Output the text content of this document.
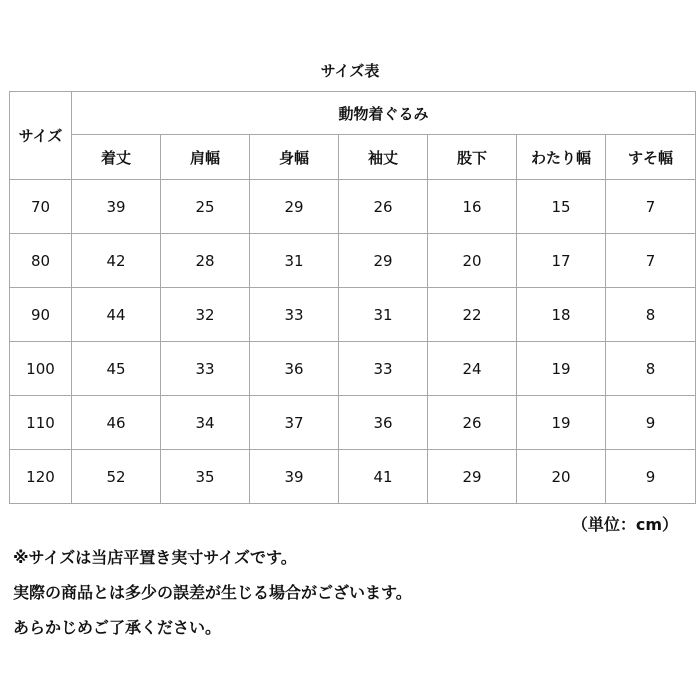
サイズ表
サイズ	動物着ぐるみ						
	着丈	肩幅	身幅	袖丈	股下	わたり幅	すそ幅
70	39	25	29	26	16	15	7
80	42	28	31	29	20	17	7
90	44	32	33	31	22	18	8
100	45	33	36	33	24	19	8
110	46	34	37	36	26	19	9
120	52	35	39	41	29	20	9
（単位：cm）
※サイズは当店平置き実寸サイズです。
実際の商品とは多少の誤差が生じる場合がございます。
あらかじめご了承ください。
